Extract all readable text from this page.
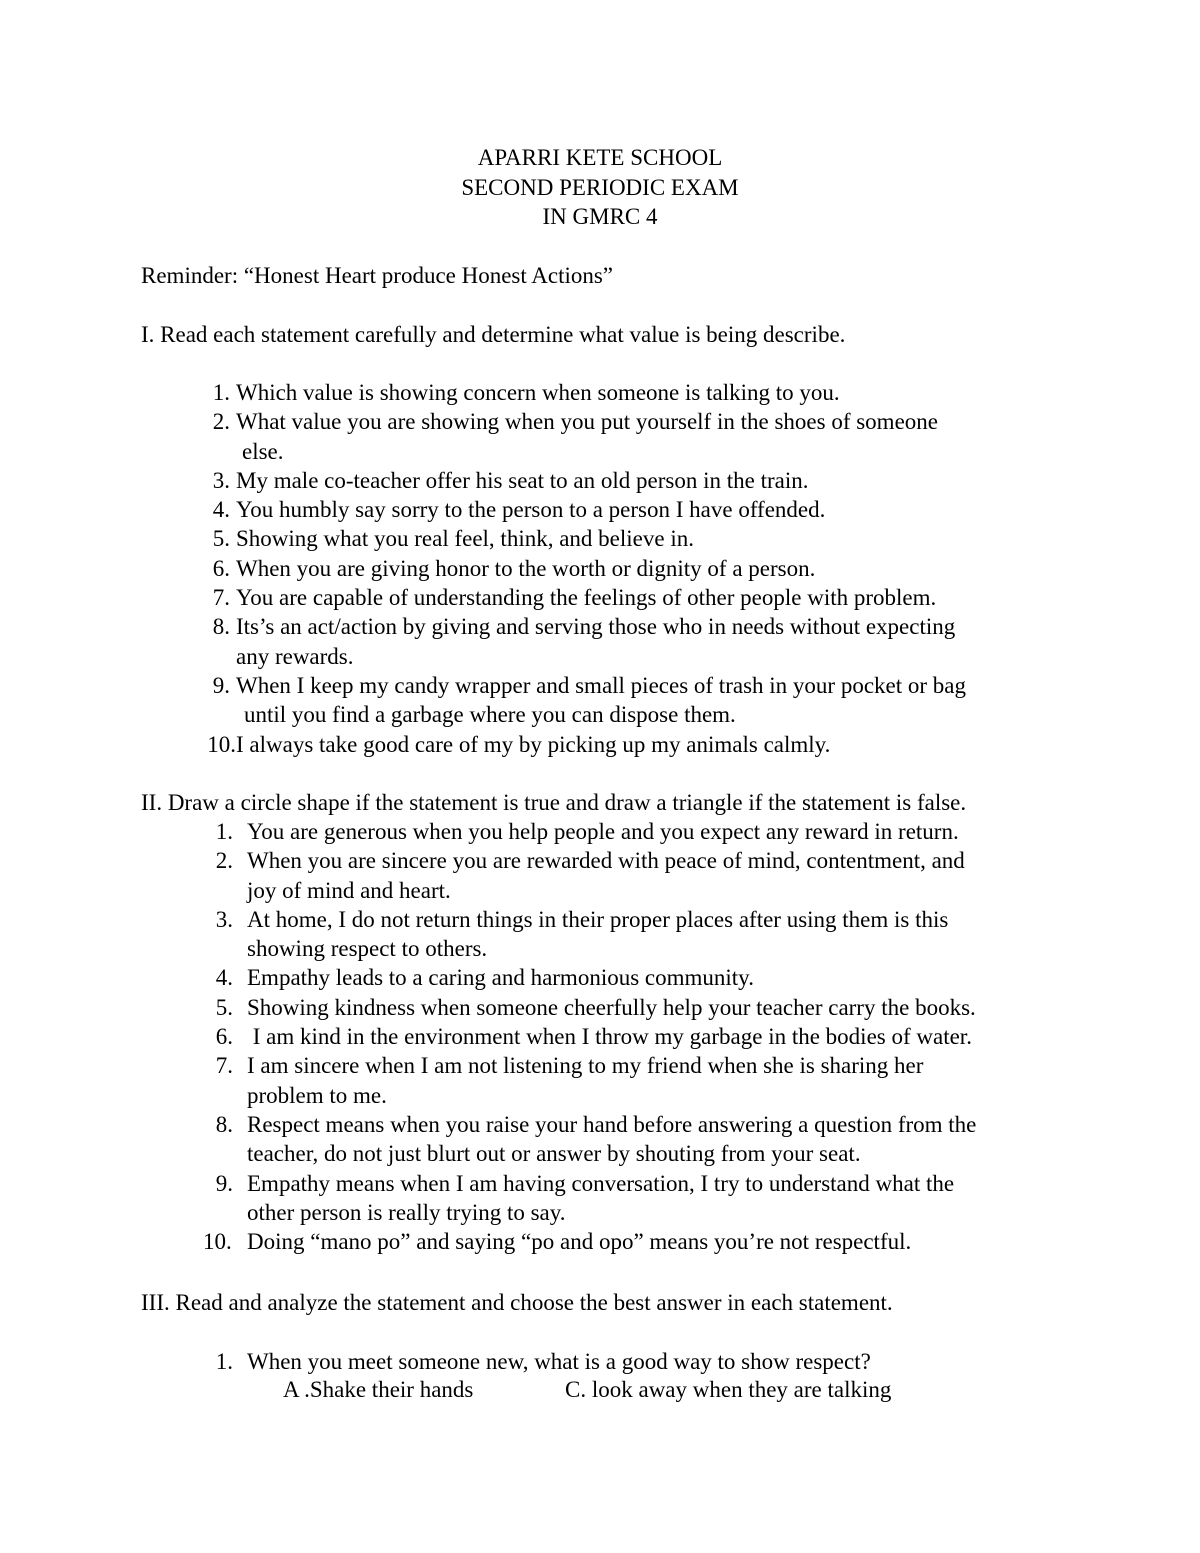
APARRI KETE SCHOOL
SECOND PERIODIC EXAM
IN GMRC 4
Reminder: “Honest Heart produce Honest Actions”
I. Read each statement carefully and determine what value is being describe.
1. Which value is showing concern when someone is talking to you.
2. What value you are showing when you put yourself in the shoes of someone
else.
3. My male co-teacher offer his seat to an old person in the train.
4. You humbly say sorry to the person to a person I have offended.
5. Showing what you real feel, think, and believe in.
6. When you are giving honor to the worth or dignity of a person.
7. You are capable of understanding the feelings of other people with problem.
8. Its’s an act/action by giving and serving those who in needs without expecting
any rewards.
9. When I keep my candy wrapper and small pieces of trash in your pocket or bag
until you find a garbage where you can dispose them.
10. I always take good care of my by picking up my animals calmly.
II. Draw a circle shape if the statement is true and draw a triangle if the statement is false.
1. You are generous when you help people and you expect any reward in return.
2. When you are sincere you are rewarded with peace of mind, contentment, and
joy of mind and heart.
3. At home, I do not return things in their proper places after using them is this
showing respect to others.
4. Empathy leads to a caring and harmonious community.
5. Showing kindness when someone cheerfully help your teacher carry the books.
6. I am kind in the environment when I throw my garbage in the bodies of water.
7. I am sincere when I am not listening to my friend when she is sharing her
problem to me.
8. Respect means when you raise your hand before answering a question from the
teacher, do not just blurt out or answer by shouting from your seat.
9. Empathy means when I am having conversation, I try to understand what the
other person is really trying to say.
10. Doing “mano po” and saying “po and opo” means you’re not respectful.
III. Read and analyze the statement and choose the best answer in each statement.
1. When you meet someone new, what is a good way to show respect?
A .Shake their hands	C. look away when they are talking
